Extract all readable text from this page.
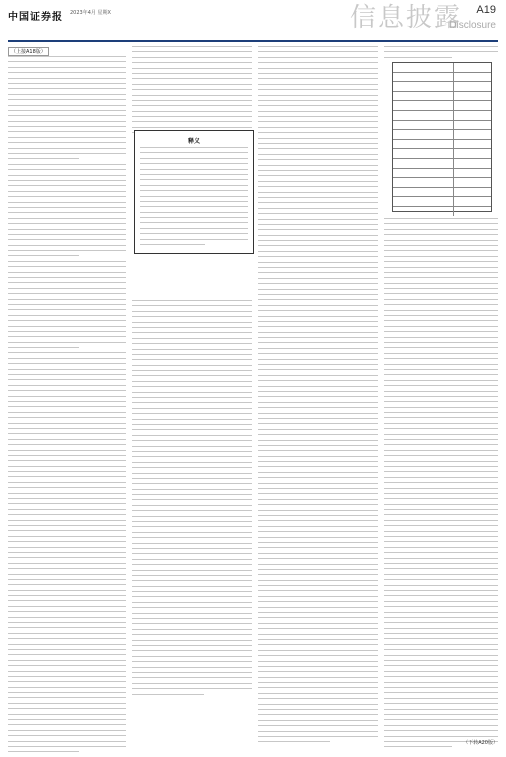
中国证券报 2023年4月 星期X	信息披露 A19
Disclosure
（上接A18版）
释义
（下转A20版）
